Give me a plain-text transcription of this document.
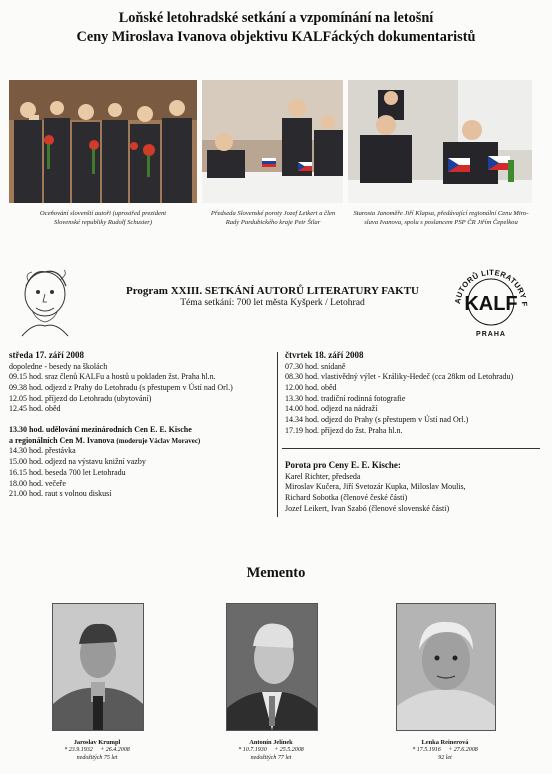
Loňské letohradské setkání a vzpomínání na letošní
Ceny Miroslava Ivanova objektivu KALFáckých dokumentaristů
Oceňování slovenští autoři (uprostřed prezident
Slovenské republiky Rudolf Schuster)
Předseda Slovenské poroty Jozef Leikert a člen
Rady Pardubického kraje Petr Šilar
Starosta Janoměře Jiří Klapsa, předávající regionální Cenu Miro-
slava Ivanova, spolu s poslancem PSP ČR Jiřím Čepelkou
Program XXIII. SETKÁNÍ AUTORŮ LITERATURY FAKTU
Téma setkání: 700 let města Kyšperk / Letohrad	AUTORŮ LITERATURY F
KALF
PRAHA
středa 17. září 2008
dopoledne - besedy na školách
09.15 hod. sraz členů KALFu a hostů u pokladen žst. Praha hl.n.
09.38 hod. odjezd z Prahy do Letohradu (s přestupem v Ústí nad Orl.)
12.05 hod. příjezd do Letohradu (ubytování)
12.45 hod. oběd
13.30 hod. udělování mezinárodních Cen E. E. Kische
a regionálních Cen M. Ivanova (moderuje Václav Moravec)
14.30 hod. přestávka
15.00 hod. odjezd na výstavu knižní vazby
16.15 hod. beseda 700 let Letohradu
18.00 hod. večeře
21.00 hod. raut s volnou diskusí
čtvrtek 18. září 2008
07.30 hod. snídaně
08.30 hod. vlastivědný výlet - Králiky-Hedeč (cca 28km od Letohradu)
12.00 hod. oběd
13.30 hod. tradiční rodinná fotografie
14.00 hod. odjezd na nádraží
14.34 hod. odjezd do Prahy (s přestupem v Ústí nad Orl.)
17.19 hod. příjezd do žst. Praha hl.n.
Porota pro Ceny E. E. Kische:
Karel Richter, předseda
Miroslav Kučera, Jiří Svetozár Kupka, Miloslav Moulis,
Richard Sobotka (členové české části)
Jozef Leikert, Ivan Szabó (členové slovenské části)
Memento
Jaroslav Krumpl
* 23.9.1932     + 26.4.2008
nedožitých 75 let
Antonín Jelínek
* 10.7.1930     + 25.5.2008
nedožitých 77 let
Lenka Reinerová
* 17.5.1916     + 27.6.2008
92 let
